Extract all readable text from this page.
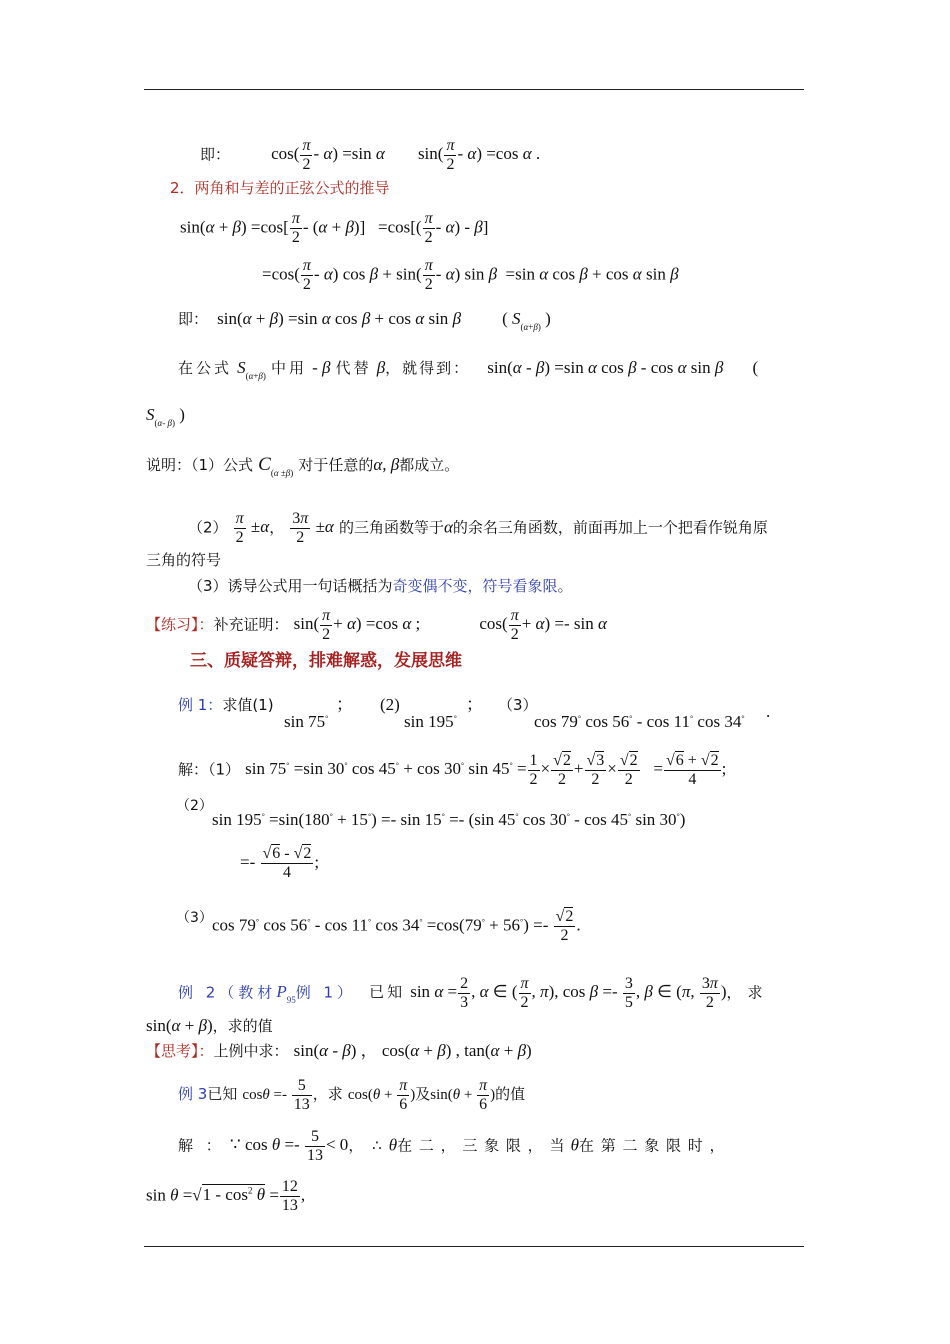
即： $\cos( \frac{\pi}{2} - \alpha) =\sin$ α $\sin( \frac{\pi}{2} - \alpha) =\cos$ α .
2．两角和与差的正弦公式的推导
$\sin(\alpha + \beta) =\cos[ \frac{\pi}{2} - (\alpha + \beta)] =\cos[( \frac{\pi}{2} - \alpha) - \beta]$
$=\cos( \frac{\pi}{2} - \alpha)$ $\cos \beta + \sin( \frac{\pi}{2} - \alpha)$ sin β  =sin α cos β + cos α sin β
即： sin(α + β) =sin α cos β + cos α sin β ( $S_{(\alpha+\beta)}$ )
在公式 $S_{(\alpha+\beta)}$ 中用 - β 代替 β，就得到： sin(α - β) =sin α cos β - cos α sin β (
$S_{(\alpha- \beta)}$ )
说明：（1）公式 $C_{(\alpha \pm\beta)}$ 对于任意的α, β都成立。
$(2) \frac{\pi}{2} \pm\alpha$， $\frac{3\pi}{2} \pm\alpha$ 的三角函数等于α的余名三角函数，前面再加上一个把看作锐角原
三角的符号
（3）诱导公式用一句话概括为奇变偶不变，符号看象限。
【练习】：补充证明： $\sin( \frac{\pi}{2} + \alpha) =\cos$ α ;	$\cos( \frac{\pi}{2} + \alpha) =- \sin \alpha$
三、质疑答辩，排难解惑，发展思维
例 1：求值(1)
sin 75°
； (2)
sin 195°
； （3）
cos 79° cos 56° - cos 11° cos 34° .
解：（1） sin 75° =sin 30° cos 45° + cos 30° $\sin 45^\circ = \frac{1}{2} \times \frac{√2}{2} + \frac{√3}{2} \times \frac{√2}{2} = \frac{√6 + √2}{4}$ ;
（2）
sin 195° =sin(180° + 15°) =- sin 15° =- (sin 45° cos 30° - cos 45° sin 30°)
=- $\frac{√6 - √2}{4}$ ;
（3） cos 79° cos 56° - cos 11° $\cos 34^\circ =\cos(79^\circ + 56^\circ) =- \frac{√2}{2}$ .
例 2（教材$P_{95}$例 1） 已知 $\sin \alpha = \frac{2}{3}$ , α ∈ ( $\frac{\pi}{2}$ , π), $\cos \beta =- \frac{3}{5}$ , β ∈ (π, $\frac{3\pi}{2}$ )，求
sin(α + β)，求的值
【思考】：上例中求： sin(α - β) ， cos(α + β) , tan(α + β)
例 3已知 $\cos\theta =- \frac{5}{13}$ ，求 $\cos(\theta + \frac{\pi}{6}$ )及$\sin(\theta + \frac{\pi}{6}$ )的值
解 ： ∵ $\cos \theta =- \frac{5}{13} < 0$， ∴ θ在 二 ， 三 象 限 ， 当 θ在 第 二 象 限 时 ，
$\sin \theta =√1 - \cos^2 \theta = \frac{12}{13}$ ,
